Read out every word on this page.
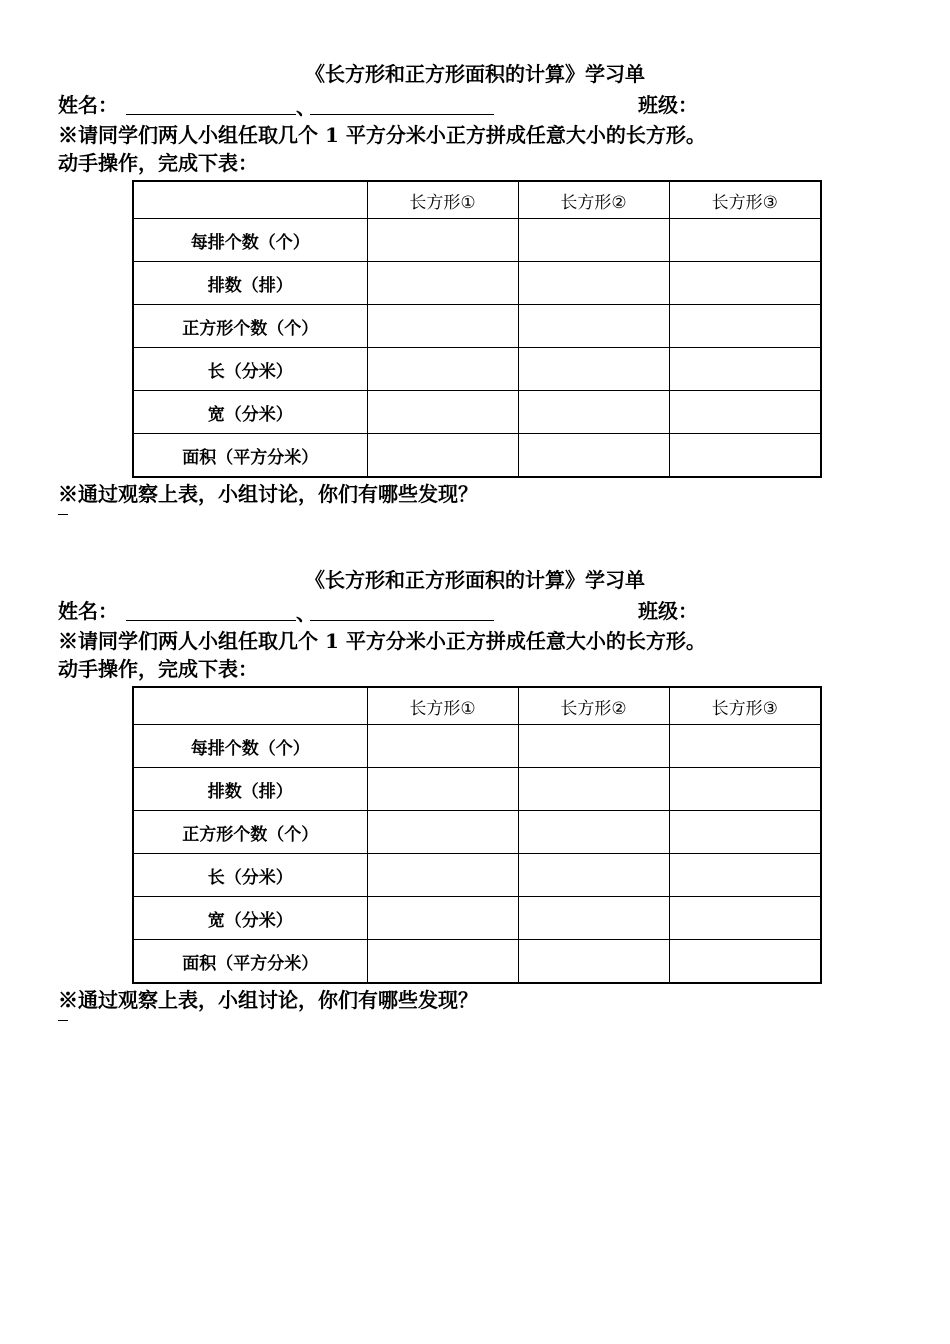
《长方形和正方形面积的计算》学习单
姓名：	、	班级：
※请同学们两人小组任取几个 1 平方分米小正方拼成任意大小的长方形。
动手操作，完成下表：
	长方形①	长方形②	长方形③
每排个数（个）			
排数（排）			
正方形个数（个）			
长（分米）			
宽（分米）			
面积（平方分米）			
※通过观察上表，小组讨论，你们有哪些发现？
《长方形和正方形面积的计算》学习单
姓名：	、	班级：
※请同学们两人小组任取几个 1 平方分米小正方拼成任意大小的长方形。
动手操作，完成下表：
	长方形①	长方形②	长方形③
每排个数（个）			
排数（排）			
正方形个数（个）			
长（分米）			
宽（分米）			
面积（平方分米）			
※通过观察上表，小组讨论，你们有哪些发现？
